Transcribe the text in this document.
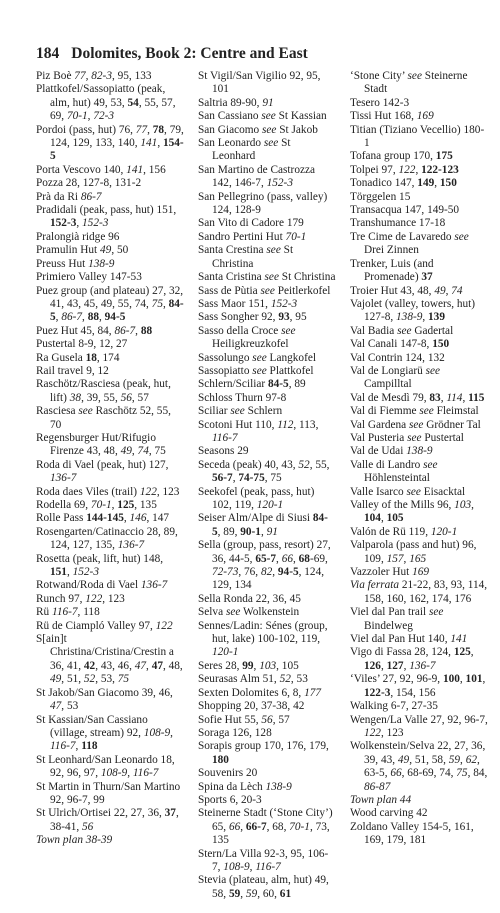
184 Dolomites, Book 2: Centre and East
Piz Boè 77, 82-3, 95, 133
Plattkofel/Sassopiatto (peak, alm, hut) 49, 53, 54, 55, 57, 69, 70-1, 72-3
Pordoi (pass, hut) 76, 77, 78, 79, 124, 129, 133, 140, 141, 154-5
Porta Vescovo 140, 141, 156
Pozza 28, 127-8, 131-2
Prà da Ri 86-7
Pradidali (peak, pass, hut) 151, 152-3, 152-3
Pralongià ridge 96
Pramulin Hut 49, 50
Preuss Hut 138-9
Primiero Valley 147-53
Puez group (and plateau) 27, 32, 41, 43, 45, 49, 55, 74, 75, 84-5, 86-7, 88, 94-5
Puez Hut 45, 84, 86-7, 88
Pustertal 8-9, 12, 27
Ra Gusela 18, 174
Rail travel 9, 12
Raschötz/Rasciesa (peak, hut, lift) 38, 39, 55, 56, 57
Rasciesa see Raschötz 52, 55, 70
Regensburger Hut/Rifugio Firenze 43, 48, 49, 74, 75
Roda di Vael (peak, hut) 127, 136-7
Roda daes Viles (trail) 122, 123
Rodella 69, 70-1, 125, 135
Rolle Pass 144-145, 146, 147
Rosengarten/Catinaccio 28, 89, 124, 127, 135, 136-7
Rosetta (peak, lift, hut) 148, 151, 152-3
Rotwand/Roda di Vael 136-7
Runch 97, 122, 123
Rü 116-7, 118
Rü de Ciampló Valley 97, 122
S[ain]t Christina/Cristina/Crestin a 36, 41, 42, 43, 46, 47, 47, 48, 49, 51, 52, 53, 75
St Jakob/San Giacomo 39, 46, 47, 53
St Kassian/San Cassiano (village, stream) 92, 108-9, 116-7, 118
St Leonhard/San Leonardo 18, 92, 96, 97, 108-9, 116-7
St Martin in Thurn/San Martino 92, 96-7, 99
St Ulrich/Ortisei 22, 27, 36, 37, 38-41, 56
Town plan 38-39
St Vigil/San Vigilio 92, 95, 101
Saltria 89-90, 91
San Cassiano see St Kassian
San Giacomo see St Jakob
San Leonardo see St Leonhard
San Martino de Castrozza 142, 146-7, 152-3
San Pellegrino (pass, valley) 124, 128-9
San Vito di Cadore 179
Sandro Pertini Hut 70-1
Santa Crestina see St Christina
Santa Cristina see St Christina
Sass de Pùtia see Peitlerkofel
Sass Maor 151, 152-3
Sass Songher 92, 93, 95
Sasso della Croce see Heiligkreuzkofel
Sassolungo see Langkofel
Sassopiatto see Plattkofel
Schlern/Sciliar 84-5, 89
Schloss Thurn 97-8
Sciliar see Schlern
Scotoni Hut 110, 112, 113, 116-7
Seasons 29
Seceda (peak) 40, 43, 52, 55, 56-7, 74-75, 75
Seekofel (peak, pass, hut) 102, 119, 120-1
Seiser Alm/Alpe di Siusi 84-5, 89, 90-1, 91
Sella (group, pass, resort) 27, 36, 44-5, 65-7, 66, 68-69, 72-73, 76, 82, 94-5, 124, 129, 134
Sella Ronda 22, 36, 45
Selva see Wolkenstein
Sennes/Ladin: Sénes (group, hut, lake) 100-102, 119, 120-1
Seres 28, 99, 103, 105
Seurasas Alm 51, 52, 53
Sexten Dolomites 6, 8, 177
Shopping 20, 37-38, 42
Sofie Hut 55, 56, 57
Soraga 126, 128
Sorapis group 170, 176, 179, 180
Souvenirs 20
Spina da Lèch 138-9
Sports 6, 20-3
Steinerne Stadt (‘Stone City’) 65, 66, 66-7, 68, 70-1, 73, 135
Stern/La Villa 92-3, 95, 106-7, 108-9, 116-7
Stevia (plateau, alm, hut) 49, 58, 59, 59, 60, 61
‘Stone City’ see Steinerne Stadt
Tesero 142-3
Tissi Hut 168, 169
Titian (Tiziano Vecellio) 180-1
Tofana group 170, 175
Tolpei 97, 122, 122-123
Tonadico 147, 149, 150
Törggelen 15
Transacqua 147, 149-50
Transhumance 17-18
Tre Cime de Lavaredo see Drei Zinnen
Trenker, Luis (and Promenade) 37
Troier Hut 43, 48, 49, 74
Vajolet (valley, towers, hut) 127-8, 138-9, 139
Val Badia see Gadertal
Val Canali 147-8, 150
Val Contrin 124, 132
Val de Longiarü see Campilltal
Val de Mesdì 79, 83, 114, 115
Val di Fiemme see Fleimstal
Val Gardena see Grödner Tal
Val Pusteria see Pustertal
Val de Udai 138-9
Valle di Landro see Höhlensteintal
Valle Isarco see Eisacktal
Valley of the Mills 96, 103, 104, 105
Valón de Rü 119, 120-1
Valparola (pass and hut) 96, 109, 157, 165
Vazzoler Hut 169
Via ferrata 21-22, 83, 93, 114, 158, 160, 162, 174, 176
Viel dal Pan trail see Bindelweg
Viel dal Pan Hut 140, 141
Vigo di Fassa 28, 124, 125, 126, 127, 136-7
‘Viles’ 27, 92, 96-9, 100, 101, 122-3, 154, 156
Walking 6-7, 27-35
Wengen/La Valle 27, 92, 96-7, 122, 123
Wolkenstein/Selva 22, 27, 36, 39, 43, 49, 51, 58, 59, 62, 63-5, 66, 68-69, 74, 75, 84, 86-87
Town plan 44
Wood carving 42
Zoldano Valley 154-5, 161, 169, 179, 181
